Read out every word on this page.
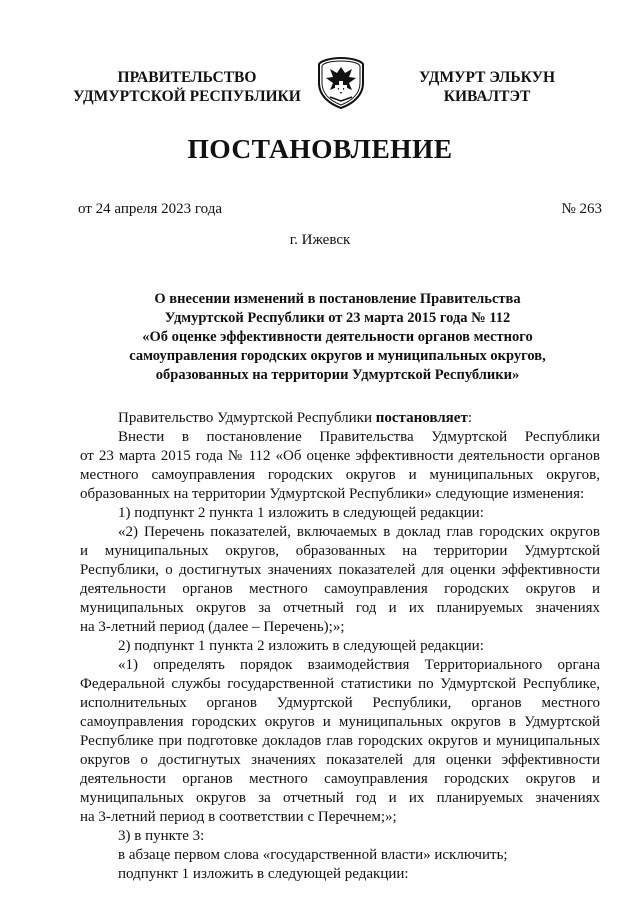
ПРАВИТЕЛЬСТВО
УДМУРТСКОЙ РЕСПУБЛИКИ
УДМУРТ ЭЛЬКУН
КИВАЛТЭТ
ПОСТАНОВЛЕНИЕ
от 24 апреля 2023 года	№ 263
г. Ижевск
О внесении изменений в постановление Правительства
Удмуртской Республики от 23 марта 2015 года № 112
«Об оценке эффективности деятельности органов местного
самоуправления городских округов и муниципальных округов,
образованных на территории Удмуртской Республики»
Правительство Удмуртской Республики постановляет:
Внести в постановление Правительства Удмуртской Республики
от 23 марта 2015 года № 112 «Об оценке эффективности деятельности органов
местного самоуправления городских округов и муниципальных округов,
образованных на территории Удмуртской Республики» следующие изменения:
1) подпункт 2 пункта 1 изложить в следующей редакции:
«2) Перечень показателей, включаемых в доклад глав городских округов
и муниципальных округов, образованных на территории Удмуртской
Республики, о достигнутых значениях показателей для оценки эффективности
деятельности органов местного самоуправления городских округов и
муниципальных округов за отчетный год и их планируемых значениях
на 3-летний период (далее – Перечень);»;
2) подпункт 1 пункта 2 изложить в следующей редакции:
«1) определять порядок взаимодействия Территориального органа
Федеральной службы государственной статистики по Удмуртской Республике,
исполнительных органов Удмуртской Республики, органов местного
самоуправления городских округов и муниципальных округов в Удмуртской
Республике при подготовке докладов глав городских округов и муниципальных
округов о достигнутых значениях показателей для оценки эффективности
деятельности органов местного самоуправления городских округов и
муниципальных округов за отчетный год и их планируемых значениях
на 3-летний период в соответствии с Перечнем;»;
3) в пункте 3:
в абзаце первом слова «государственной власти» исключить;
подпункт 1 изложить в следующей редакции:
